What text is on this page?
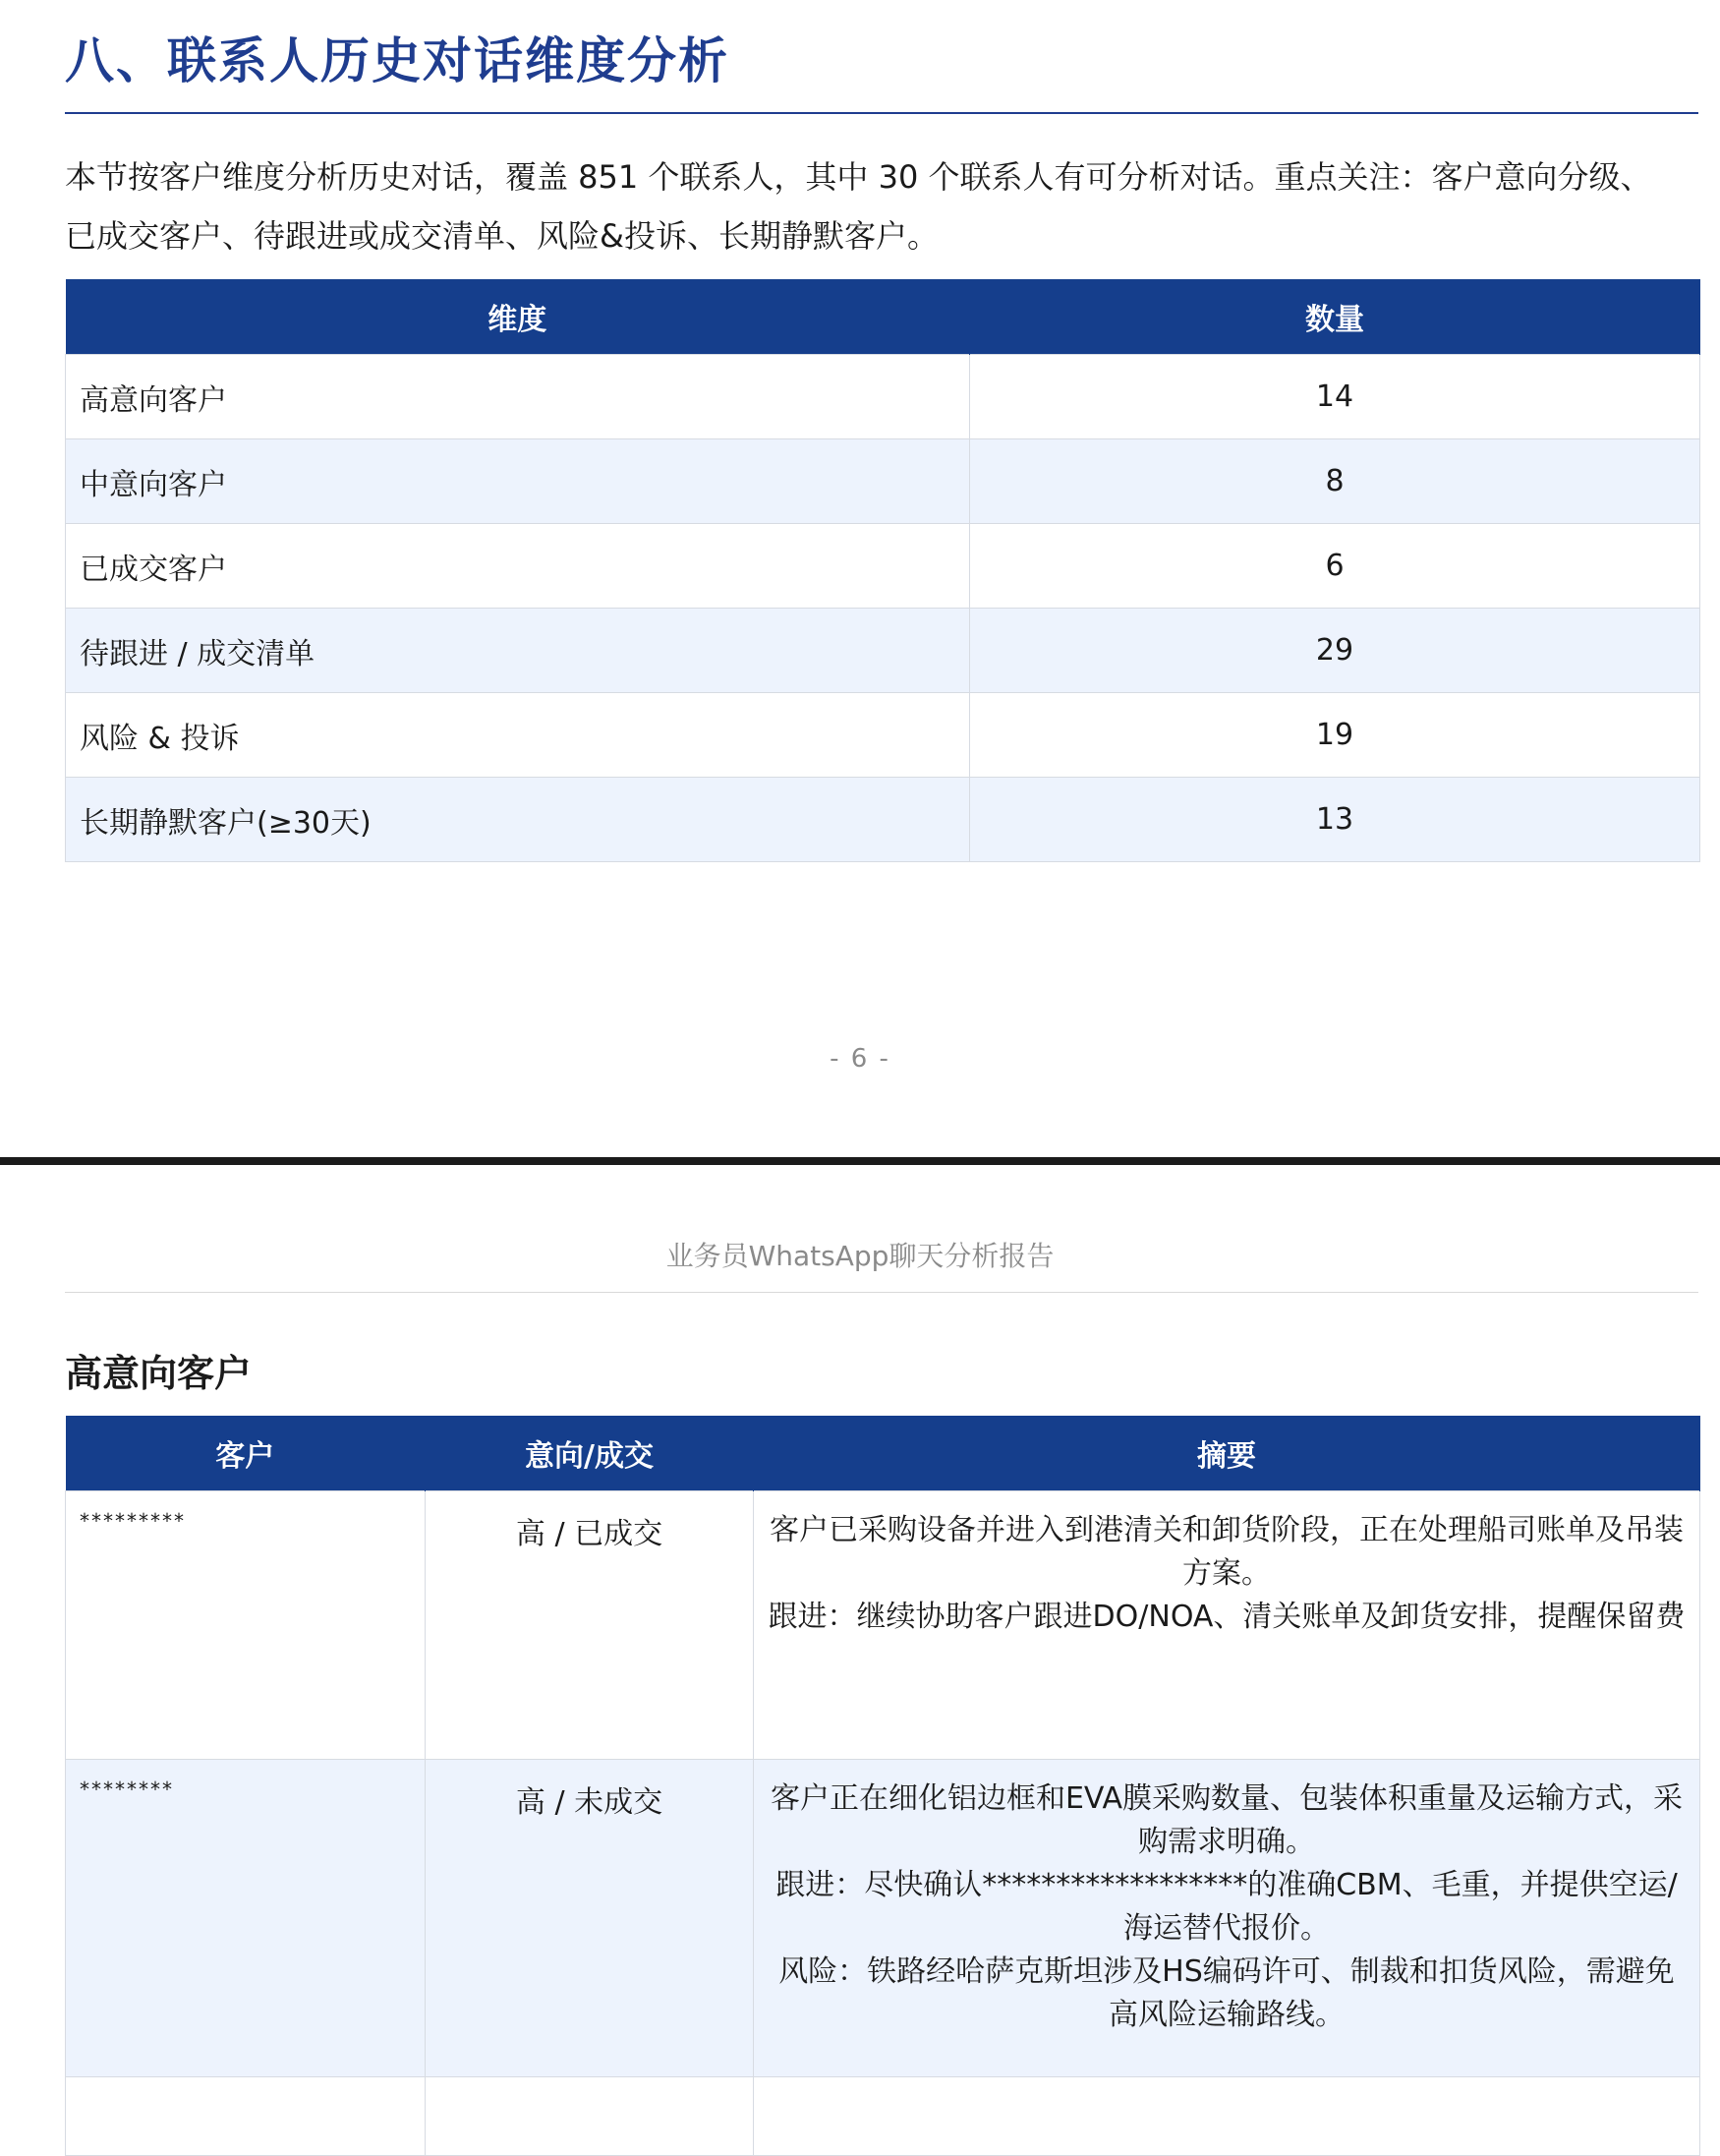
八、联系人历史对话维度分析

本节按客户维度分析历史对话，覆盖 851 个联系人，其中 30 个联系人有可分析对话。重点关注：客户意向分级、已成交客户、待跟进或成交清单、风险&投诉、长期静默客户。

维度	数量
高意向客户	14
中意向客户	8
已成交客户	6
待跟进 / 成交清单	29
风险 & 投诉	19
长期静默客户(≥30天)	13
- 6 -
业务员WhatsApp聊天分析报告
高意向客户
客户	意向/成交	摘要
*********	高 / 已成交	客户已采购设备并进入到港清关和卸货阶段，正在处理船司账单及吊装方案。

跟进：继续协助客户跟进DO/NOA、清关账单及卸货安排，提醒保留费

********	高 / 未成交	客户正在细化铝边框和EVA膜采购数量、包装体积重量及运输方式，采购需求明确。

跟进：尽快确认******************的准确CBM、毛重，并提供空运/海运替代报价。

风险：铁路经哈萨克斯坦涉及HS编码许可、制裁和扣货风险，需避免高风险运输路线。
